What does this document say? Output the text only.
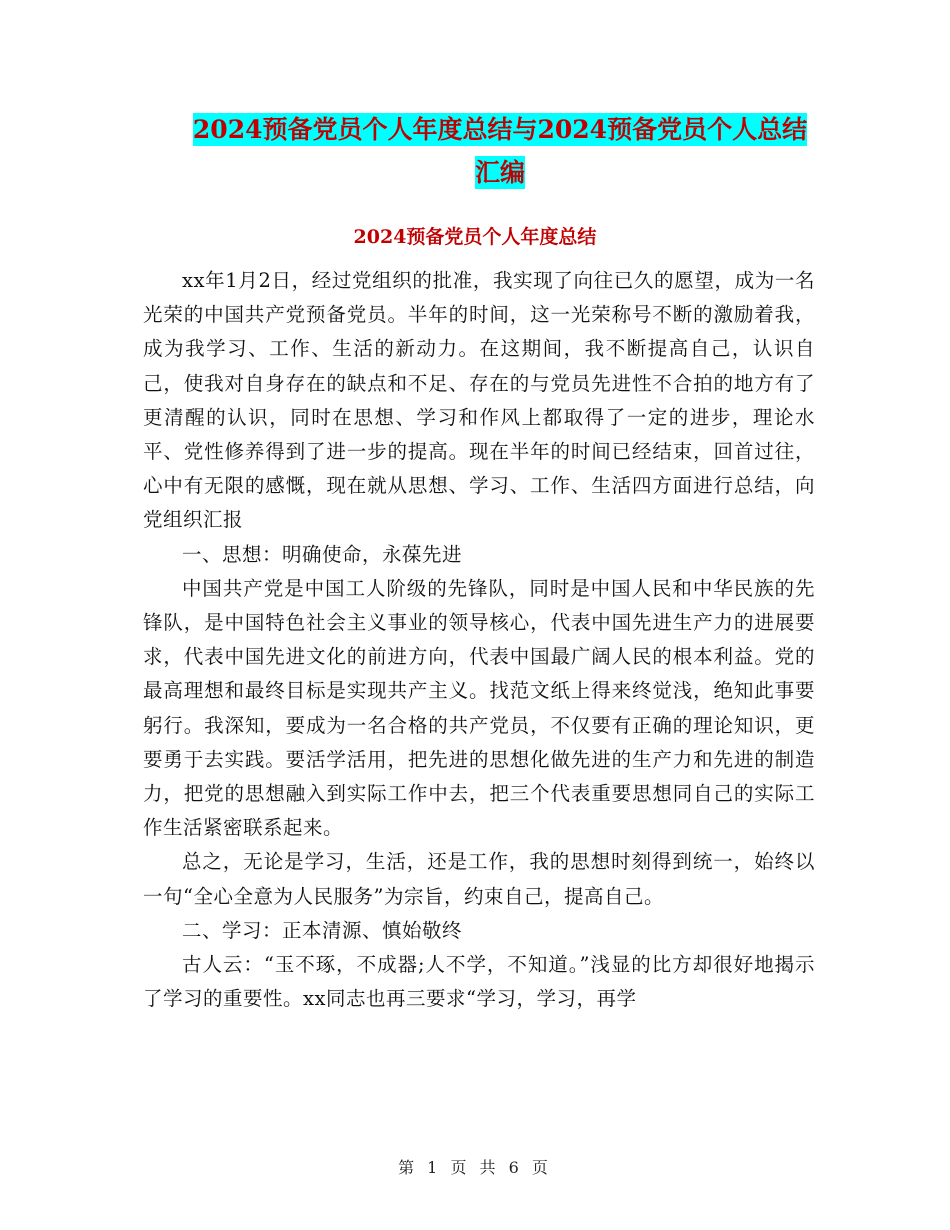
2024预备党员个人年度总结与2024预备党员个人总结
汇编
2024预备党员个人年度总结

xx年1月2日，经过党组织的批准，我实现了向往已久的愿望，成为一名光荣的中国共产党预备党员。半年的时间，这一光荣称号不断的激励着我，成为我学习、工作、生活的新动力。在这期间，我不断提高自己，认识自己，使我对自身存在的缺点和不足、存在的与党员先进性不合拍的地方有了更清醒的认识，同时在思想、学习和作风上都取得了一定的进步，理论水平、党性修养得到了进一步的提高。现在半年的时间已经结束，回首过往，心中有无限的感慨，现在就从思想、学习、工作、生活四方面进行总结，向党组织汇报

一、思想：明确使命，永葆先进

中国共产党是中国工人阶级的先锋队，同时是中国人民和中华民族的先锋队，是中国特色社会主义事业的领导核心，代表中国先进生产力的进展要求，代表中国先进文化的前进方向，代表中国最广阔人民的根本利益。党的最高理想和最终目标是实现共产主义。找范文纸上得来终觉浅，绝知此事要躬行。我深知，要成为一名合格的共产党员，不仅要有正确的理论知识，更要勇于去实践。要活学活用，把先进的思想化做先进的生产力和先进的制造力，把党的思想融入到实际工作中去，把三个代表重要思想同自己的实际工作生活紧密联系起来。

总之，无论是学习，生活，还是工作，我的思想时刻得到统一，始终以一句“全心全意为人民服务”为宗旨，约束自己，提高自己。

二、学习：正本清源、慎始敬终

古人云：“玉不琢，不成器;人不学，不知道。”浅显的比方却很好地揭示了学习的重要性。xx同志也再三要求“学习，学习，再学

第 1 页 共 6 页
